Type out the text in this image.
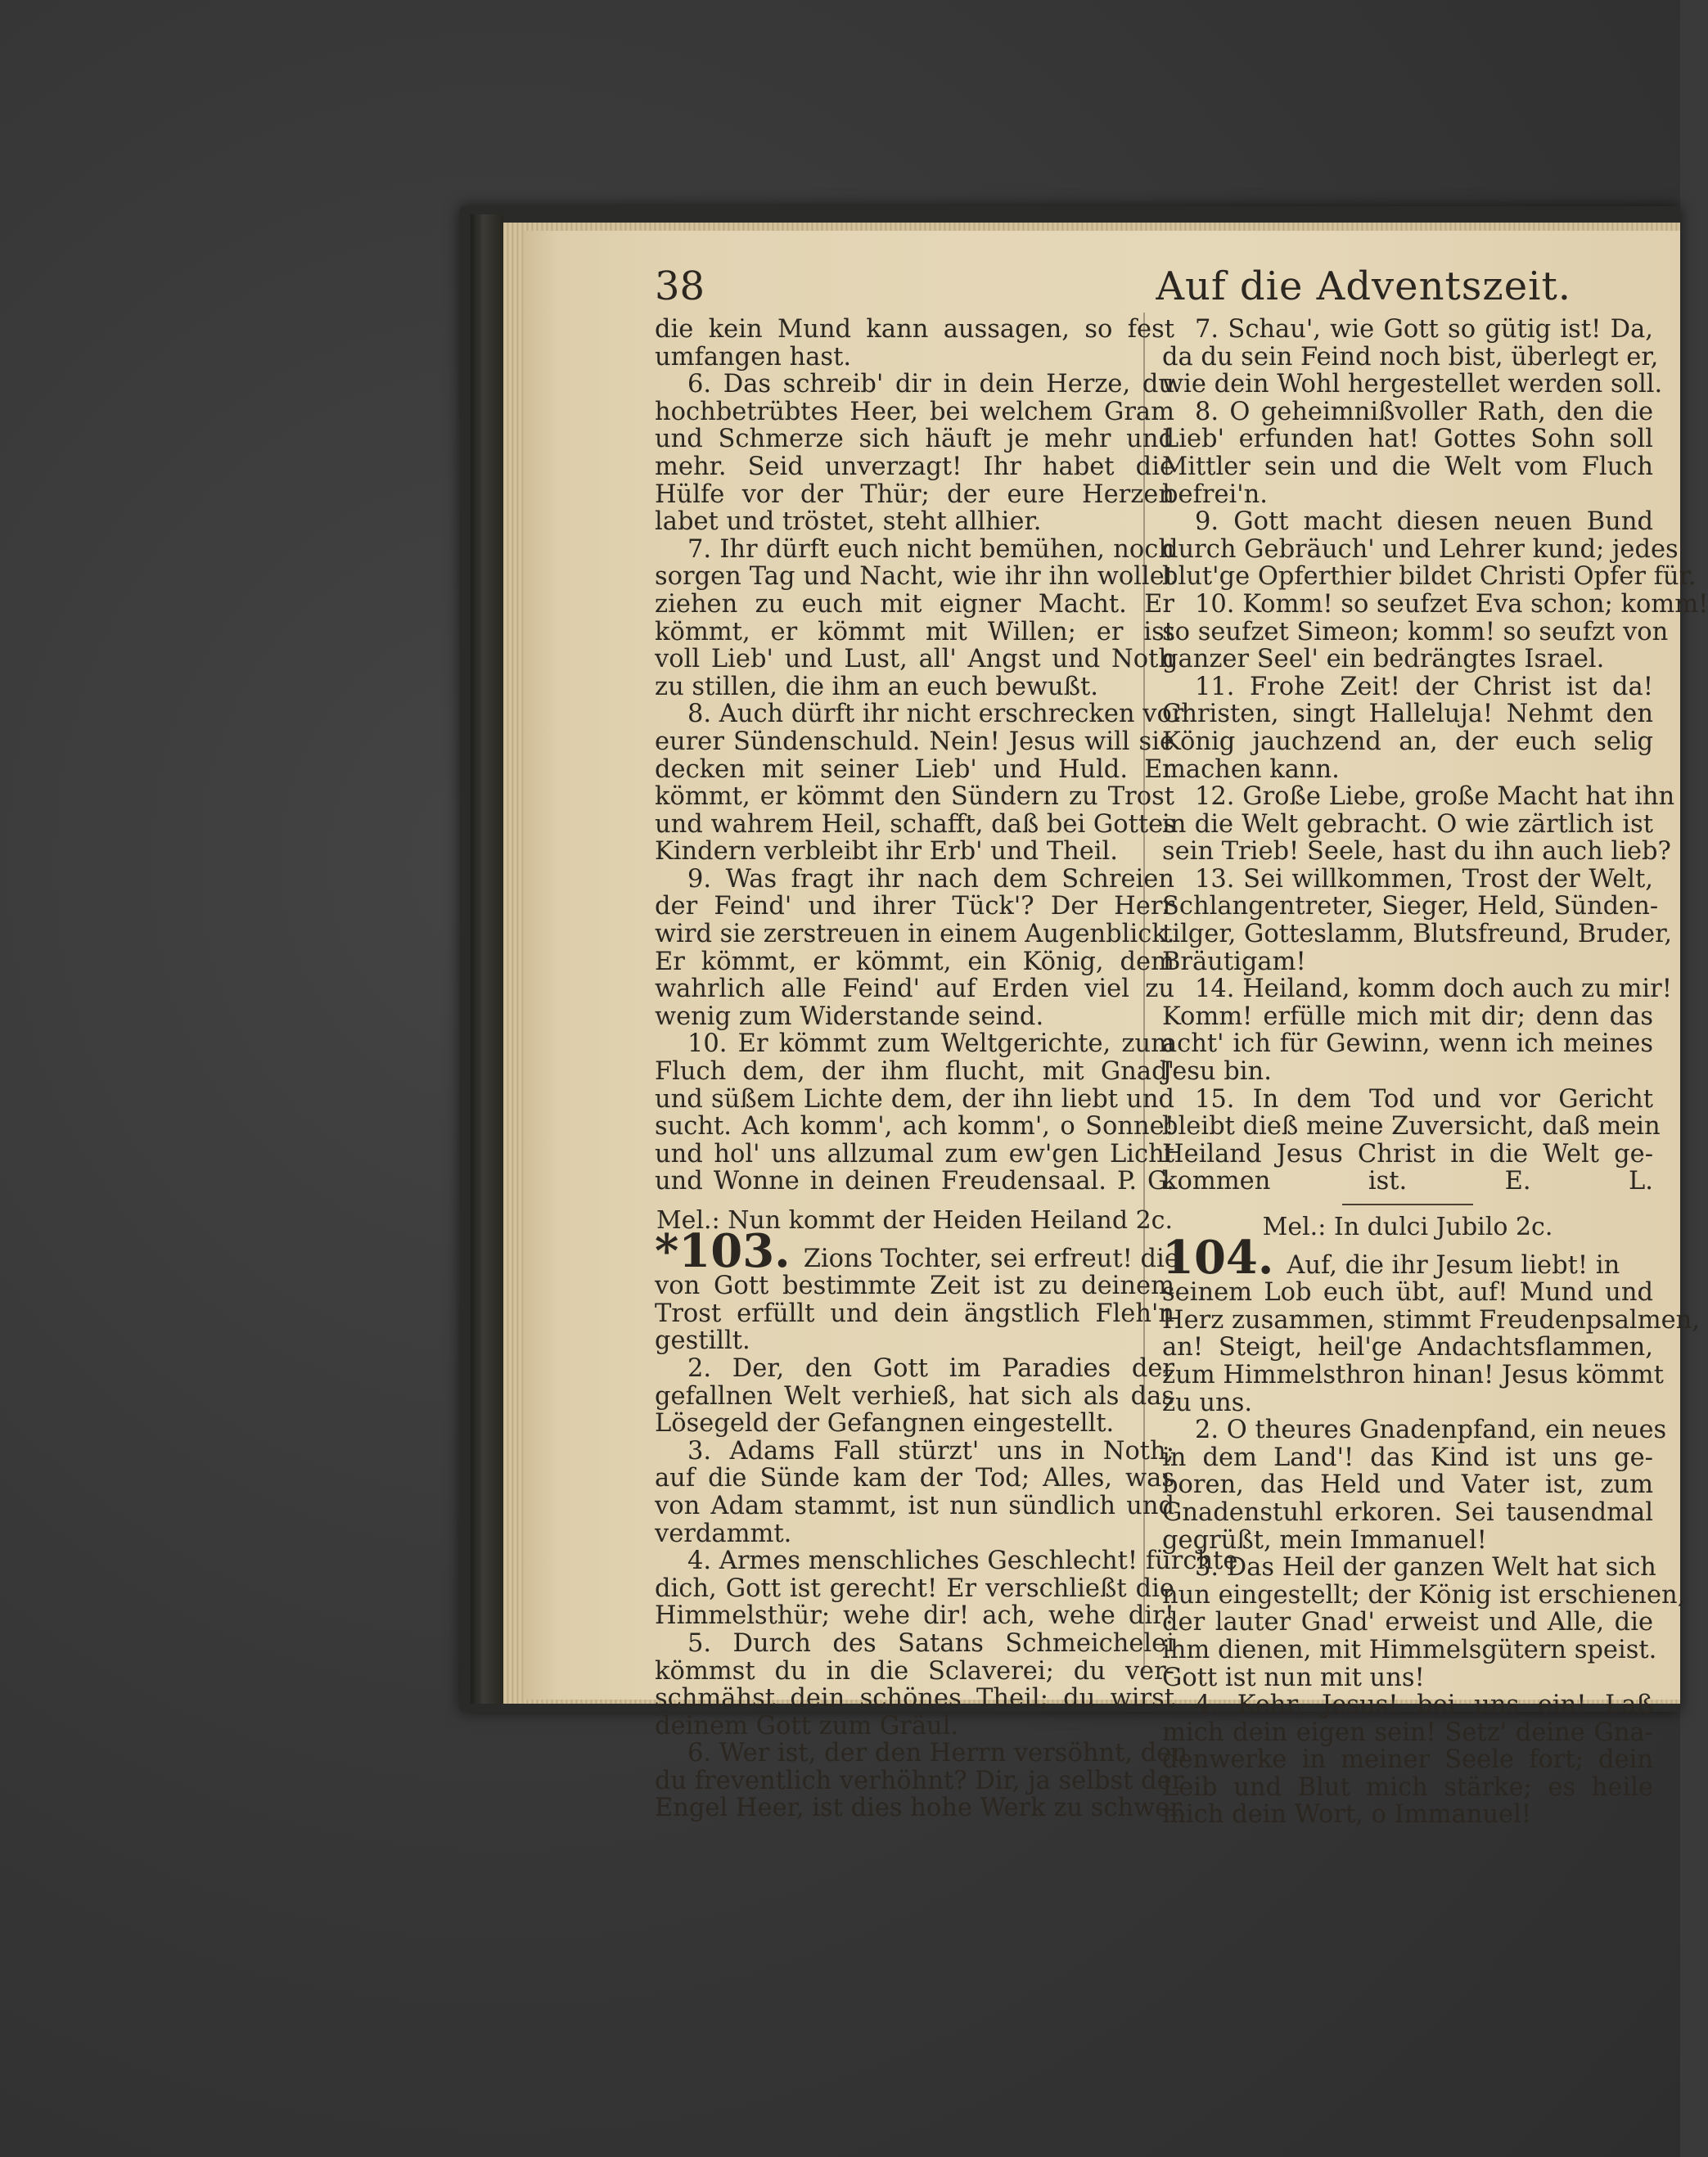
38	Auf die Adventszeit.
die kein Mund kann aussagen, so fest
umfangen hast.
6. Das schreib' dir in dein Herze, du
hochbetrübtes Heer, bei welchem Gram
und Schmerze sich häuft je mehr und
mehr. Seid unverzagt! Ihr habet die
Hülfe vor der Thür; der eure Herzen
labet und tröstet, steht allhier.
7. Ihr dürft euch nicht bemühen, noch
sorgen Tag und Nacht, wie ihr ihn wollet
ziehen zu euch mit eigner Macht. Er
kömmt, er kömmt mit Willen; er ist
voll Lieb' und Lust, all' Angst und Noth
zu stillen, die ihm an euch bewußt.
8. Auch dürft ihr nicht erschrecken vor
eurer Sündenschuld. Nein! Jesus will sie
decken mit seiner Lieb' und Huld. Er
kömmt, er kömmt den Sündern zu Trost
und wahrem Heil, schafft, daß bei Gottes
Kindern verbleibt ihr Erb' und Theil.
9. Was fragt ihr nach dem Schreien
der Feind' und ihrer Tück'? Der Herr
wird sie zerstreuen in einem Augenblick.
Er kömmt, er kömmt, ein König, dem
wahrlich alle Feind' auf Erden viel zu
wenig zum Widerstande seind.
10. Er kömmt zum Weltgerichte, zum
Fluch dem, der ihm flucht, mit Gnad'
und süßem Lichte dem, der ihn liebt und
sucht. Ach komm', ach komm', o Sonne!
und hol' uns allzumal zum ew'gen Licht
und Wonne in deinen Freudensaal. P. G.
Mel.: Nun kommt der Heiden Heiland 2c.
*103. Zions Tochter, sei erfreut! die
von Gott bestimmte Zeit ist zu deinem
Trost erfüllt und dein ängstlich Fleh'n
gestillt.
2. Der, den Gott im Paradies der
gefallnen Welt verhieß, hat sich als das
Lösegeld der Gefangnen eingestellt.
3. Adams Fall stürzt' uns in Noth;
auf die Sünde kam der Tod; Alles, was
von Adam stammt, ist nun sündlich und
verdammt.
4. Armes menschliches Geschlecht! fürchte
dich, Gott ist gerecht! Er verschließt die
Himmelsthür; wehe dir! ach, wehe dir!
5. Durch des Satans Schmeichelei
kömmst du in die Sclaverei; du ver-
schmähst dein schönes Theil; du wirst
deinem Gott zum Gräul.
6. Wer ist, der den Herrn versöhnt, den
du freventlich verhöhnt? Dir, ja selbst der
Engel Heer, ist dies hohe Werk zu schwer.
7. Schau', wie Gott so gütig ist! Da,
da du sein Feind noch bist, überlegt er,
wie dein Wohl hergestellet werden soll.
8. O geheimnißvoller Rath, den die
Lieb' erfunden hat! Gottes Sohn soll
Mittler sein und die Welt vom Fluch
befrei'n.
9. Gott macht diesen neuen Bund
durch Gebräuch' und Lehrer kund; jedes
blut'ge Opferthier bildet Christi Opfer für.
10. Komm! so seufzet Eva schon; komm!
so seufzet Simeon; komm! so seufzt von
ganzer Seel' ein bedrängtes Israel.
11. Frohe Zeit! der Christ ist da!
Christen, singt Halleluja! Nehmt den
König jauchzend an, der euch selig
machen kann.
12. Große Liebe, große Macht hat ihn
in die Welt gebracht. O wie zärtlich ist
sein Trieb! Seele, hast du ihn auch lieb?
13. Sei willkommen, Trost der Welt,
Schlangentreter, Sieger, Held, Sünden-
tilger, Gotteslamm, Blutsfreund, Bruder,
Bräutigam!
14. Heiland, komm doch auch zu mir!
Komm! erfülle mich mit dir; denn das
acht' ich für Gewinn, wenn ich meines
Jesu bin.
15. In dem Tod und vor Gericht
bleibt dieß meine Zuversicht, daß mein
Heiland Jesus Christ in die Welt ge-
kommen ist. E. L.
Mel.: In dulci Jubilo 2c.
104. Auf, die ihr Jesum liebt! in
seinem Lob euch übt, auf! Mund und
Herz zusammen, stimmt Freudenpsalmen,
an! Steigt, heil'ge Andachtsflammen,
zum Himmelsthron hinan! Jesus kömmt
zu uns.
2. O theures Gnadenpfand, ein neues
in dem Land'! das Kind ist uns ge-
boren, das Held und Vater ist, zum
Gnadenstuhl erkoren. Sei tausendmal
gegrüßt, mein Immanuel!
3. Das Heil der ganzen Welt hat sich
nun eingestellt; der König ist erschienen,
der lauter Gnad' erweist und Alle, die
ihm dienen, mit Himmelsgütern speist.
Gott ist nun mit uns!
4. Kehr, Jesus! bei uns ein! Laß
mich dein eigen sein! Setz' deine Gna-
denwerke in meiner Seele fort; dein
Leib und Blut mich stärke; es heile
mich dein Wort, o Immanuel!
